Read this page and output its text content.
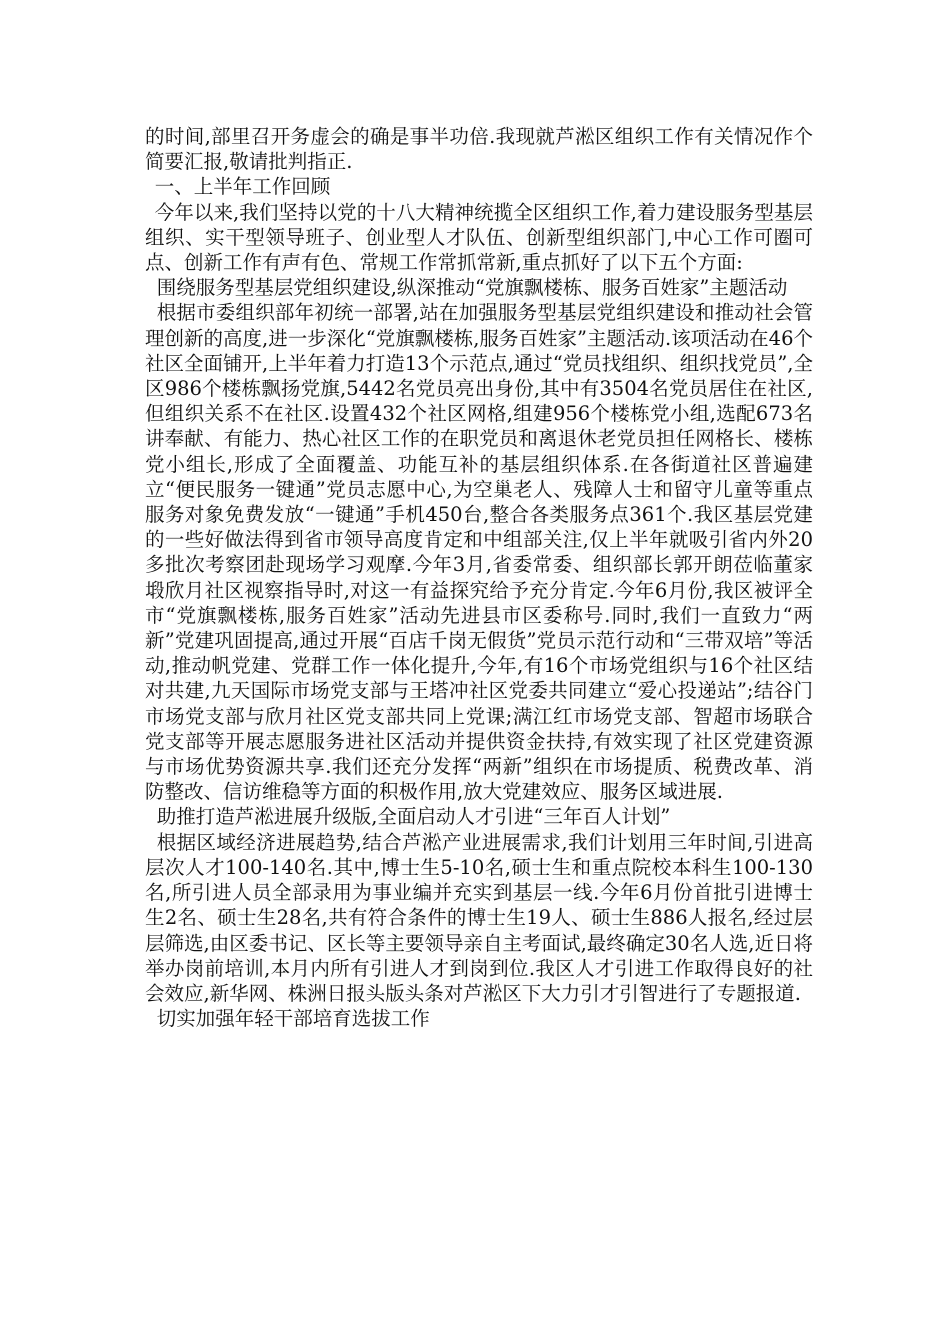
的时间,部里召开务虚会的确是事半功倍.我现就芦淞区组织工作有关情况作个简要汇报,敬请批判指正.

一、上半年工作回顾

今年以来,我们坚持以党的十八大精神统揽全区组织工作,着力建设服务型基层组织、实干型领导班子、创业型人才队伍、创新型组织部门,中心工作可圈可点、创新工作有声有色、常规工作常抓常新,重点抓好了以下五个方面:

围绕服务型基层党组织建设,纵深推动“党旗飘楼栋、服务百姓家”主题活动

根据市委组织部年初统一部署,站在加强服务型基层党组织建设和推动社会管理创新的高度,进一步深化“党旗飘楼栋,服务百姓家”主题活动.该项活动在46个社区全面铺开,上半年着力打造13个示范点,通过“党员找组织、组织找党员”,全区986个楼栋飘扬党旗,5442名党员亮出身份,其中有3504名党员居住在社区,但组织关系不在社区.设置432个社区网格,组建956个楼栋党小组,选配673名讲奉献、有能力、热心社区工作的在职党员和离退休老党员担任网格长、楼栋党小组长,形成了全面覆盖、功能互补的基层组织体系.在各街道社区普遍建立“便民服务一键通”党员志愿中心,为空巢老人、残障人士和留守儿童等重点服务对象免费发放“一键通”手机450台,整合各类服务点361个.我区基层党建的一些好做法得到省市领导高度肯定和中组部关注,仅上半年就吸引省内外20多批次考察团赴现场学习观摩.今年3月,省委常委、组织部长郭开朗莅临董家塅欣月社区视察指导时,对这一有益探究给予充分肯定.今年6月份,我区被评全市“党旗飘楼栋,服务百姓家”活动先进县市区委称号.同时,我们一直致力“两新”党建巩固提高,通过开展“百店千岗无假货”党员示范行动和“三带双培”等活动,推动帆党建、党群工作一体化提升,今年,有16个市场党组织与16个社区结对共建,九天国际市场党支部与王塔冲社区党委共同建立“爱心投递站”;结谷门市场党支部与欣月社区党支部共同上党课;满江红市场党支部、智超市场联合党支部等开展志愿服务进社区活动并提供资金扶持,有效实现了社区党建资源与市场优势资源共享.我们还充分发挥“两新”组织在市场提质、税费改革、消防整改、信访维稳等方面的积极作用,放大党建效应、服务区域进展.

助推打造芦淞进展升级版,全面启动人才引进“三年百人计划”

根据区域经济进展趋势,结合芦淞产业进展需求,我们计划用三年时间,引进高层次人才100-140名.其中,博士生5-10名,硕士生和重点院校本科生100-130名,所引进人员全部录用为事业编并充实到基层一线.今年6月份首批引进博士生2名、硕士生28名,共有符合条件的博士生19人、硕士生886人报名,经过层层筛选,由区委书记、区长等主要领导亲自主考面试,最终确定30名人选,近日将举办岗前培训,本月内所有引进人才到岗到位.我区人才引进工作取得良好的社会效应,新华网、株洲日报头版头条对芦淞区下大力引才引智进行了专题报道.

切实加强年轻干部培育选拔工作
